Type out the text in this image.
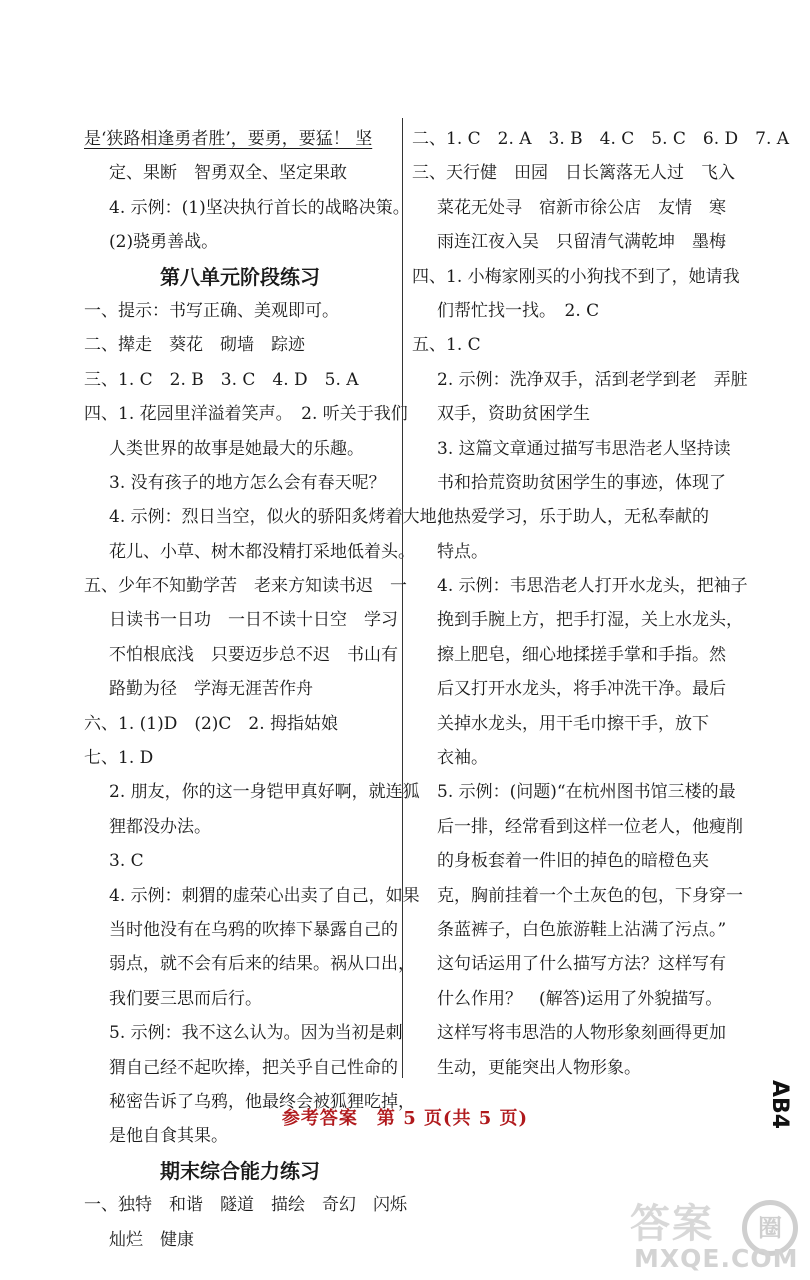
是‘狭路相逢勇者胜’，要勇，要猛！ 坚
定、果断　智勇双全、坚定果敢
4. 示例：(1)坚决执行首长的战略决策。
(2)骁勇善战。
第八单元阶段练习
一、提示：书写正确、美观即可。
二、撵走　葵花　砌墙　踪迹
三、1. C　2. B　3. C　4. D　5. A
四、1. 花园里洋溢着笑声。　2. 听关于我们
人类世界的故事是她最大的乐趣。
3. 没有孩子的地方怎么会有春天呢？
4. 示例：烈日当空，似火的骄阳炙烤着大地，
花儿、小草、树木都没精打采地低着头。
五、少年不知勤学苦　老来方知读书迟　一
日读书一日功　一日不读十日空　学习
不怕根底浅　只要迈步总不迟　书山有
路勤为径　学海无涯苦作舟
六、1. (1)D　(2)C　2. 拇指姑娘
七、1. D
2. 朋友，你的这一身铠甲真好啊，就连狐
狸都没办法。
3. C
4. 示例：刺猬的虚荣心出卖了自己，如果
当时他没有在乌鸦的吹捧下暴露自己的
弱点，就不会有后来的结果。祸从口出，
我们要三思而后行。
5. 示例：我不这么认为。因为当初是刺
猬自己经不起吹捧，把关乎自己性命的
秘密告诉了乌鸦，他最终会被狐狸吃掉，
是他自食其果。
期末综合能力练习
一、独特　和谐　隧道　描绘　奇幻　闪烁
灿烂　健康
二、1. C　2. A　3. B　4. C　5. C　6. D　7. A
三、天行健　田园　日长篱落无人过　飞入
菜花无处寻　宿新市徐公店　友情　寒
雨连江夜入吴　只留清气满乾坤　墨梅
四、1. 小梅家刚买的小狗找不到了，她请我
们帮忙找一找。　2. C
五、1. C
2. 示例：洗净双手，活到老学到老　弄脏
双手，资助贫困学生
3. 这篇文章通过描写韦思浩老人坚持读
书和拾荒资助贫困学生的事迹，体现了
他热爱学习，乐于助人，无私奉献的
特点。
4. 示例：韦思浩老人打开水龙头，把袖子
挽到手腕上方，把手打湿，关上水龙头，
擦上肥皂，细心地揉搓手掌和手指。然
后又打开水龙头，将手冲洗干净。最后
关掉水龙头，用干毛巾擦干手，放下
衣袖。
5. 示例：(问题)“在杭州图书馆三楼的最
后一排，经常看到这样一位老人，他瘦削
的身板套着一件旧的掉色的暗橙色夹
克，胸前挂着一个土灰色的包，下身穿一
条蓝裤子，白色旅游鞋上沾满了污点。”
这句话运用了什么描写方法？这样写有
什么作用？　(解答)运用了外貌描写。
这样写将韦思浩的人物形象刻画得更加
生动，更能突出人物形象。
参考答案　第 5 页(共 5 页)	AB4
答案	圈
MXQE.COM
